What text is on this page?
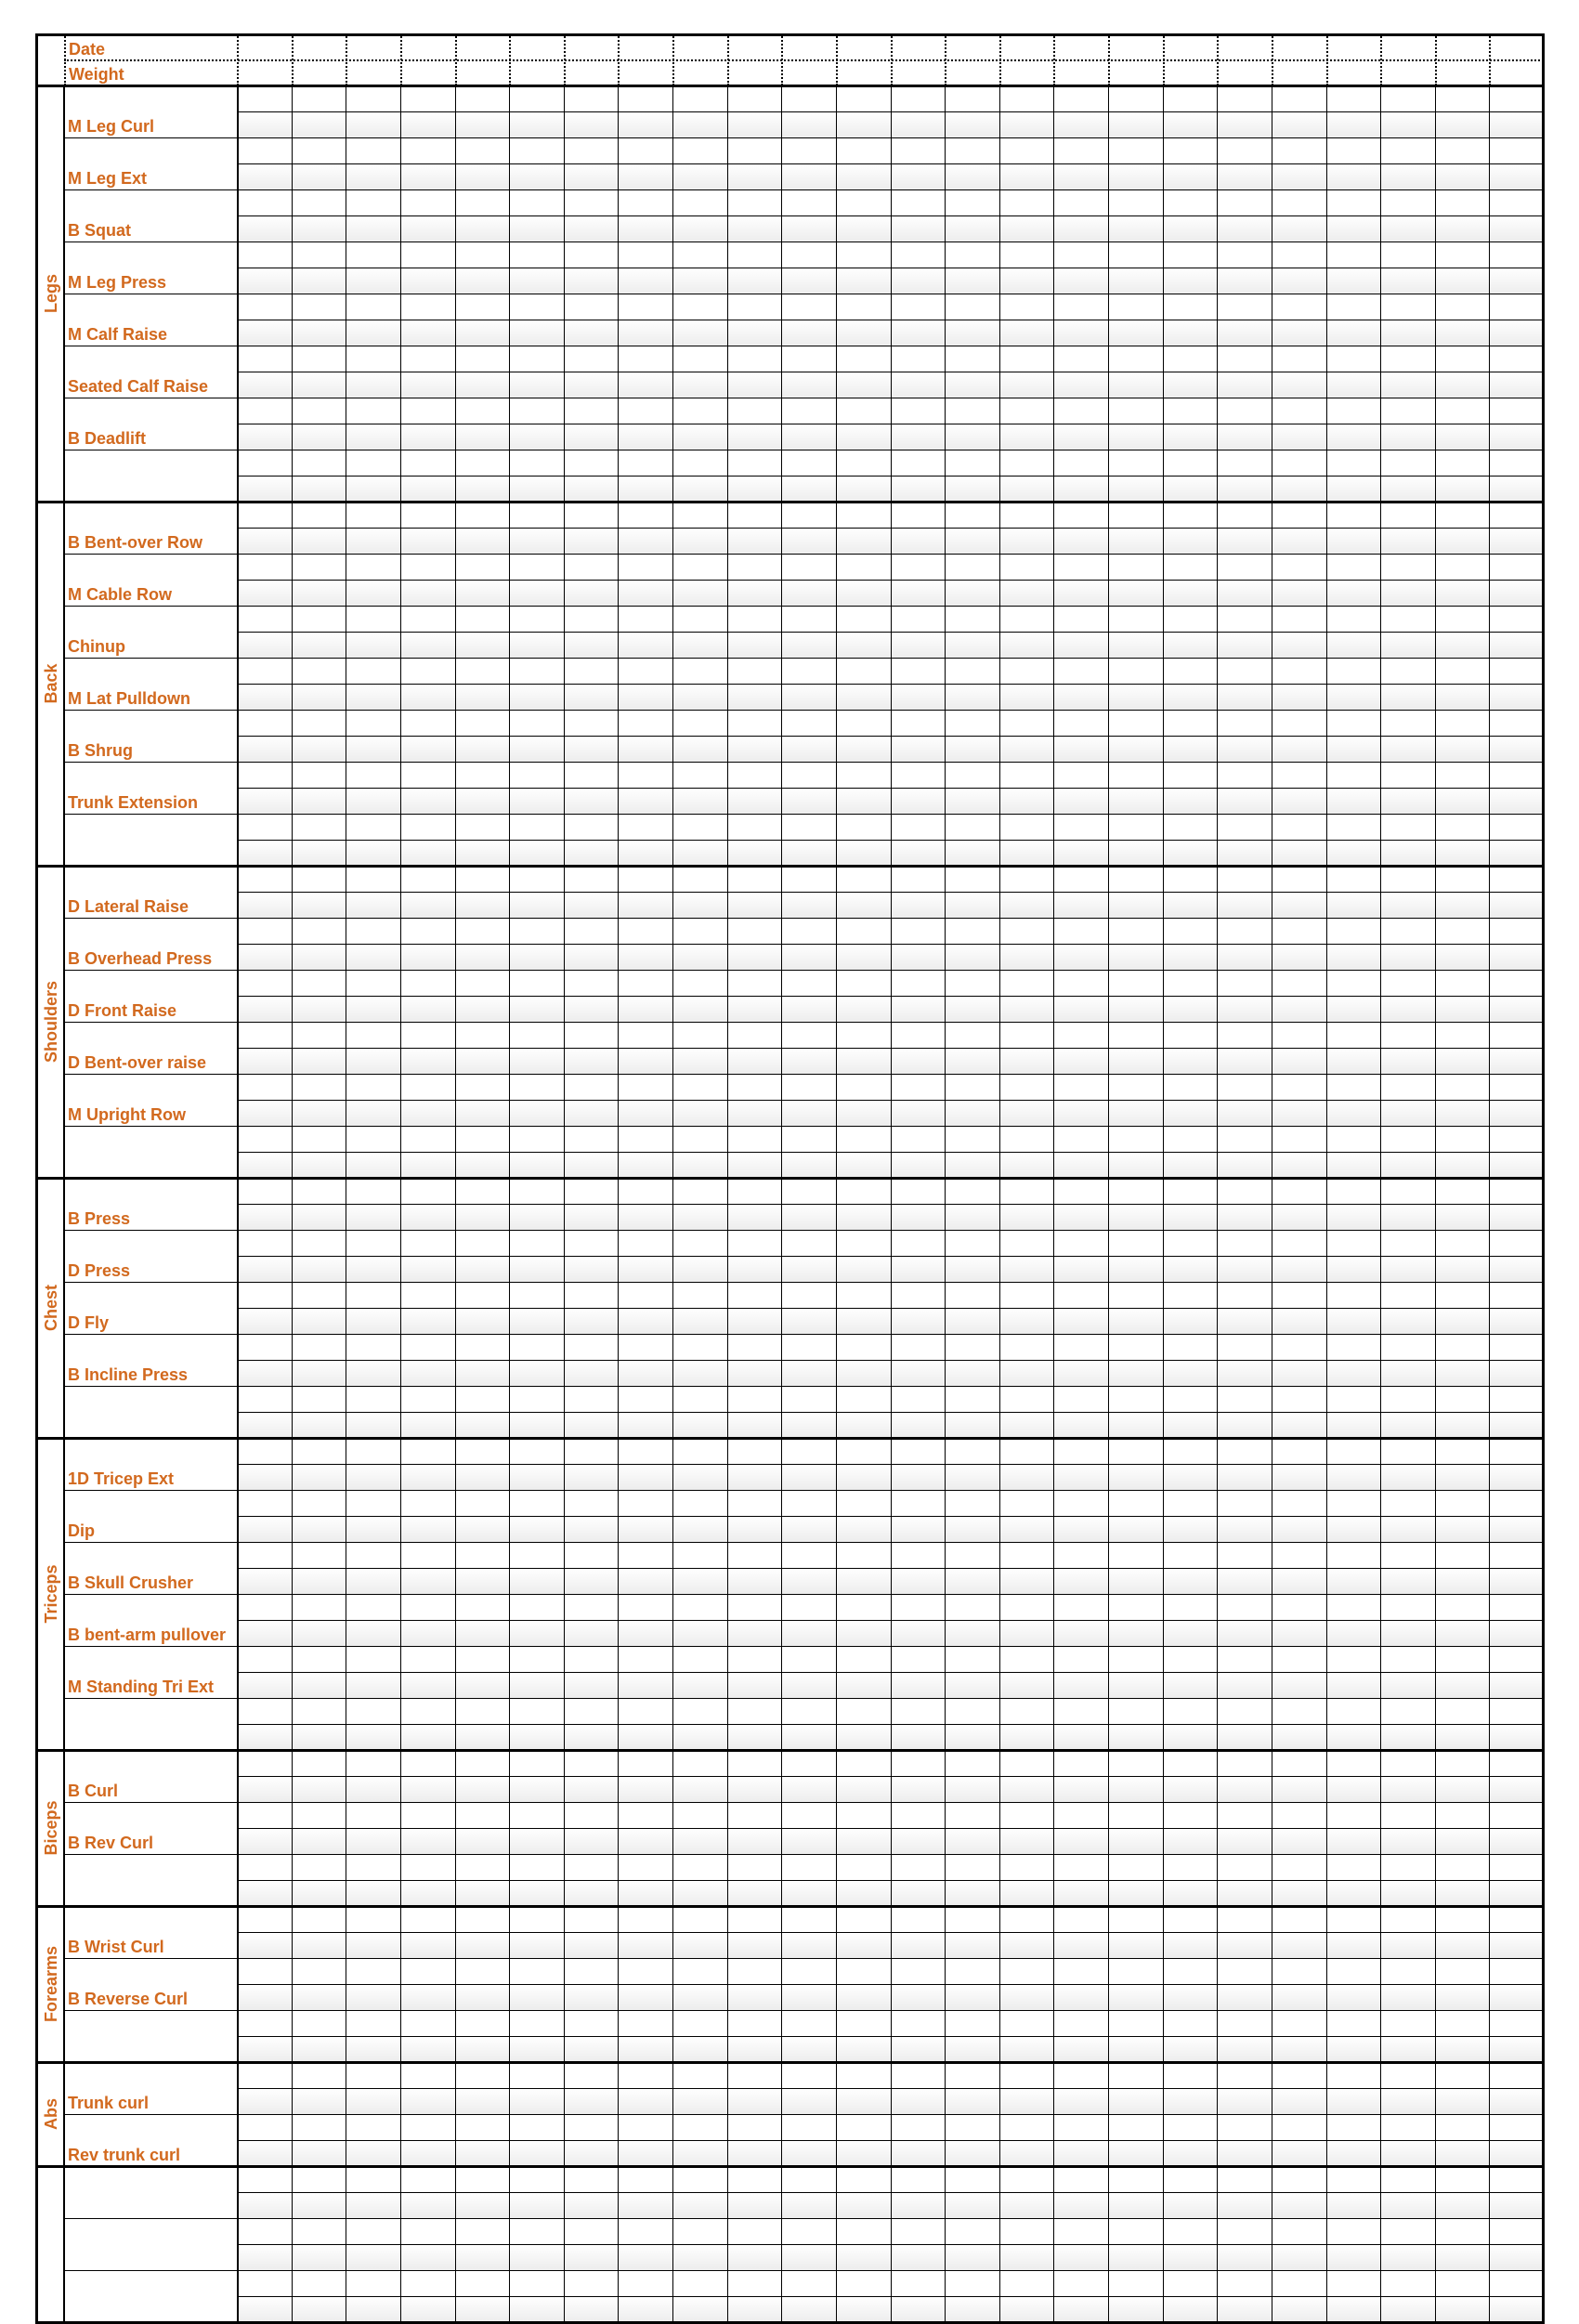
Date
Weight
M Leg Curl
M Leg Ext
B Squat
M Leg Press
M Calf Raise
Seated Calf Raise
B Deadlift
Legs
B Bent-over Row
M Cable Row
Chinup
M Lat Pulldown
B Shrug
Trunk Extension
Back
D Lateral Raise
B Overhead Press
D Front Raise
D Bent-over raise
M Upright Row
Shoulders
B Press
D Press
D Fly
B Incline Press
Chest
1D Tricep Ext
Dip
B Skull Crusher
B bent-arm pullover
M Standing Tri Ext
Triceps
B Curl
B Rev Curl
Biceps
B Wrist Curl
B Reverse Curl
Forearms
Trunk curl
Rev trunk curl
Abs
